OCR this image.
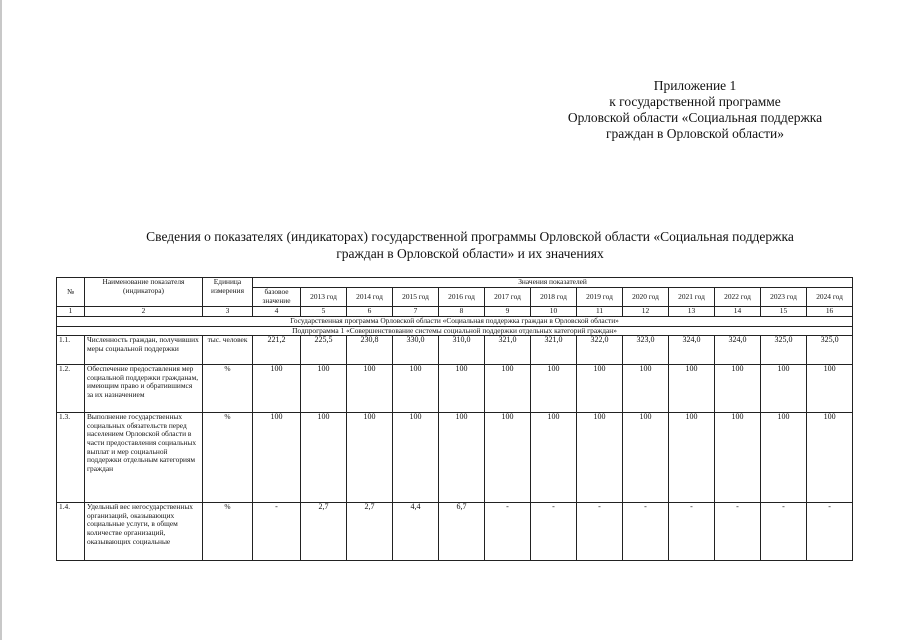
Приложение 1
к государственной программе
Орловской области «Социальная поддержка
граждан в Орловской области»
Сведения о показателях (индикаторах) государственной программы Орловской области «Социальная поддержка
граждан в Орловской области» и их значениях
№	Наименование показателя (индикатора)	Единица измерения	Значения показателей												
			базовое значение	2013 год	2014 год	2015 год	2016 год	2017 год	2018 год	2019 год	2020 год	2021 год	2022 год	2023 год	2024 год
1	2	3	4	5	6	7	8	9	10	11	12	13	14	15	16
Государственная программа Орловской области «Социальная поддержка граждан в Орловской области»															
Подпрограмма 1 «Совершенствование системы социальной поддержки отдельных категорий граждан»															
1.1.	Численность граждан, получивших меры социальной поддержки	тыс. человек	221,2	225,5	230,8	330,0	310,0	321,0	321,0	322,0	323,0	324,0	324,0	325,0	325,0
1.2.	Обеспечение предоставления мер социальной поддержки гражданам, имеющим право и обратившимся за их назначением	%	100	100	100	100	100	100	100	100	100	100	100	100	100
1.3.	Выполнение государственных социальных обязательств перед населением Орловской области в части предоставления социальных выплат и мер социальной поддержки отдельным категориям граждан	%	100	100	100	100	100	100	100	100	100	100	100	100	100
1.4.	Удельный вес негосударственных организаций, оказывающих социальные услуги, в общем количестве организаций, оказывающих социальные	%	-	2,7	2,7	4,4	6,7	-	-	-	-	-	-	-	-
